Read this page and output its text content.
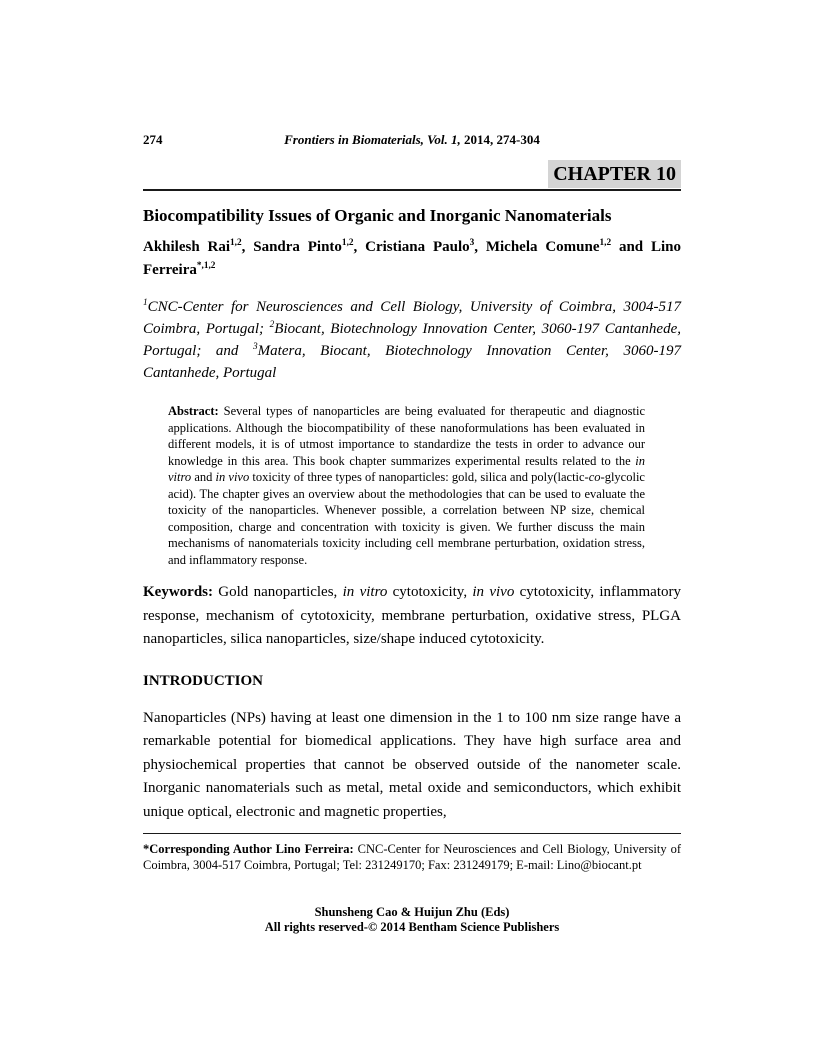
274	Frontiers in Biomaterials, Vol. 1, 2014, 274-304
CHAPTER 10
Biocompatibility Issues of Organic and Inorganic Nanomaterials
Akhilesh Rai$^{1,2}$, Sandra Pinto$^{1,2}$, Cristiana Paulo$^3$, Michela Comune$^{1,2}$ and Lino Ferreira$^{*,1,2}$
$^1$CNC-Center for Neurosciences and Cell Biology, University of Coimbra, 3004-517 Coimbra, Portugal; $^2$Biocant, Biotechnology Innovation Center, 3060-197 Cantanhede, Portugal; and $^3$Matera, Biocant, Biotechnology Innovation Center, 3060-197 Cantanhede, Portugal
Abstract: Several types of nanoparticles are being evaluated for therapeutic and diagnostic applications. Although the biocompatibility of these nanoformulations has been evaluated in different models, it is of utmost importance to standardize the tests in order to advance our knowledge in this area. This book chapter summarizes experimental results related to the in vitro and in vivo toxicity of three types of nanoparticles: gold, silica and poly(lactic-co-glycolic acid). The chapter gives an overview about the methodologies that can be used to evaluate the toxicity of the nanoparticles. Whenever possible, a correlation between NP size, chemical composition, charge and concentration with toxicity is given. We further discuss the main mechanisms of nanomaterials toxicity including cell membrane perturbation, oxidation stress, and inflammatory response.
Keywords: Gold nanoparticles, in vitro cytotoxicity, in vivo cytotoxicity, inflammatory response, mechanism of cytotoxicity, membrane perturbation, oxidative stress, PLGA nanoparticles, silica nanoparticles, size/shape induced cytotoxicity.
INTRODUCTION
Nanoparticles (NPs) having at least one dimension in the 1 to 100 nm size range have a remarkable potential for biomedical applications. They have high surface area and physiochemical properties that cannot be observed outside of the nanometer scale. Inorganic nanomaterials such as metal, metal oxide and semiconductors, which exhibit unique optical, electronic and magnetic properties,
*Corresponding Author Lino Ferreira: CNC-Center for Neurosciences and Cell Biology, University of Coimbra, 3004-517 Coimbra, Portugal; Tel: 231249170; Fax: 231249179; E-mail: Lino@biocant.pt
Shunsheng Cao & Huijun Zhu (Eds)
All rights reserved-© 2014 Bentham Science Publishers
